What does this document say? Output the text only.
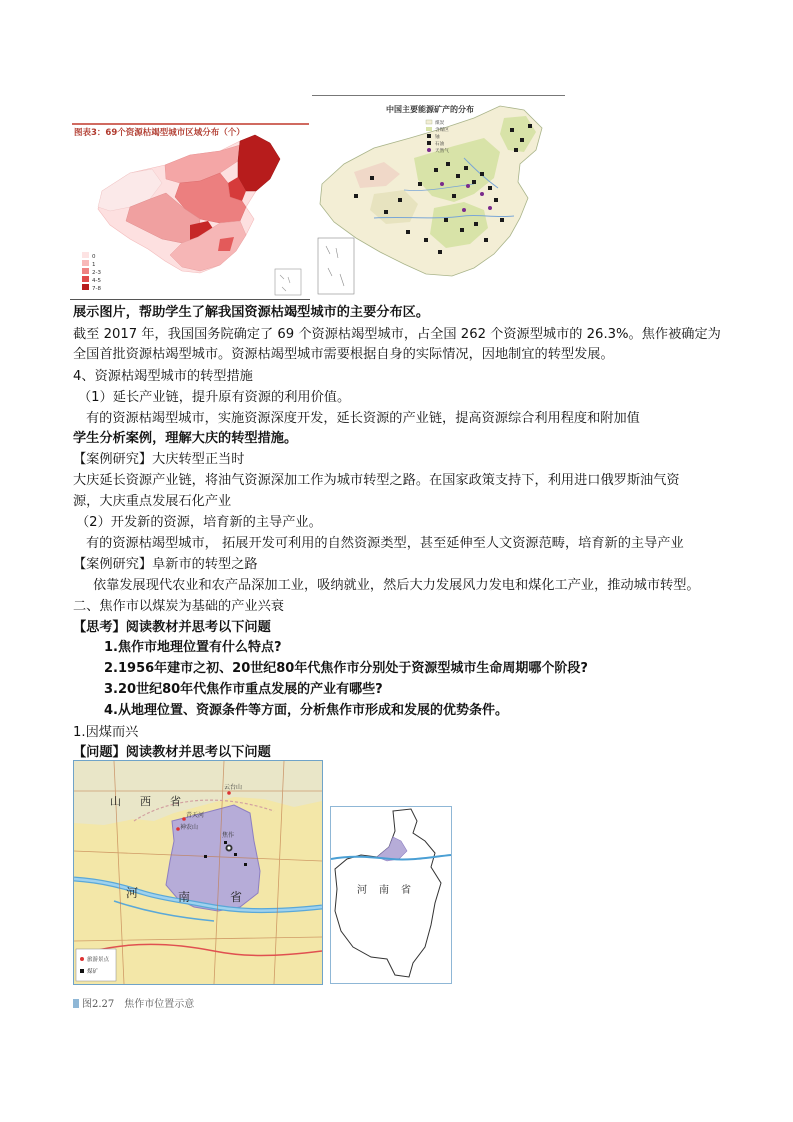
图表3：69个资源枯竭型城市区域分布（个）
0
1
2-3
4-5
7-8
中国主要能源矿产的分布
煤炭
含煤区
铀
石油
天然气
展示图片，帮助学生了解我国资源枯竭型城市的主要分布区。
截至 2017 年，我国国务院确定了 69 个资源枯竭型城市，占全国 262 个资源型城市的 26.3%。焦作被确定为
全国首批资源枯竭型城市。资源枯竭型城市需要根据自身的实际情况，因地制宜的转型发展。
4、资源枯竭型城市的转型措施
（1）延长产业链，提升原有资源的利用价值。
有的资源枯竭型城市，实施资源深度开发，延长资源的产业链，提高资源综合利用程度和附加值
学生分析案例，理解大庆的转型措施。
【案例研究】大庆转型正当时
大庆延长资源产业链，将油气资源深加工作为城市转型之路。在国家政策支持下，利用进口俄罗斯油气资
源，大庆重点发展石化产业
（2）开发新的资源，培育新的主导产业。
有的资源枯竭型城市， 拓展开发可利用的自然资源类型，甚至延伸至人文资源范畴，培育新的主导产业
【案例研究】阜新市的转型之路
依靠发展现代农业和农产品深加工业，吸纳就业，然后大力发展风力发电和煤化工产业，推动城市转型。
二、焦作市以煤炭为基础的产业兴衰
【思考】阅读教材并思考以下问题
1.焦作市地理位置有什么特点?
2.1956年建市之初、20世纪80年代焦作市分别处于资源型城市生命周期哪个阶段?
3.20世纪80年代焦作市重点发展的产业有哪些?
4.从地理位置、资源条件等方面，分析焦作市形成和发展的优势条件。
1.因煤而兴
【问题】阅读教材并思考以下问题
山 西 省
云台山
青天河
神农山
焦作
河	南	省
旅游景点
煤矿
河 南 省
图2.27　焦作市位置示意
